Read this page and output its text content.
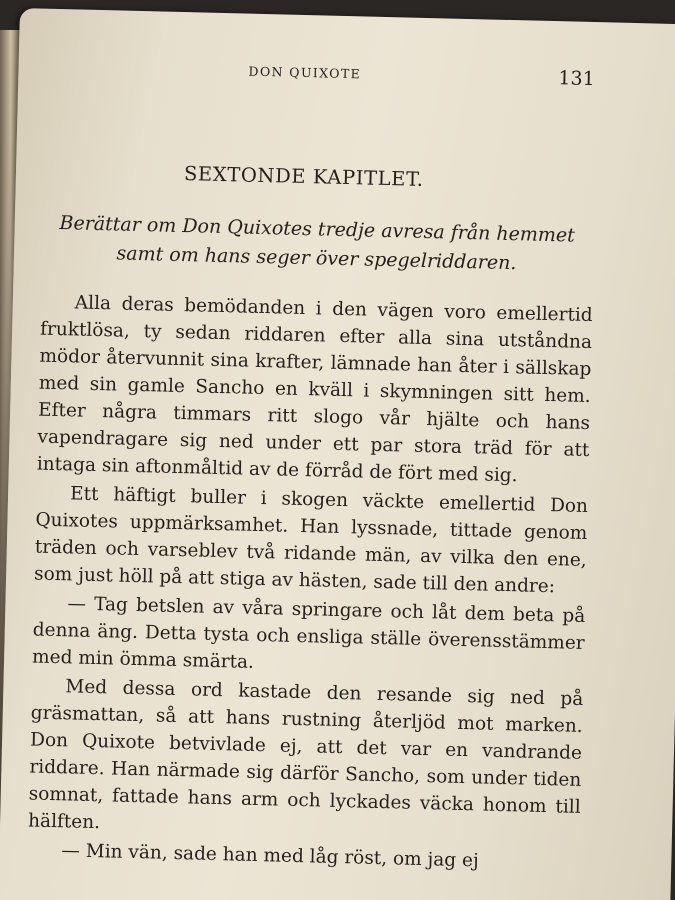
DON QUIXOTE	131
SEXTONDE KAPITLET.

Berättar om Don Quixotes tredje avresa från hemmet samt om hans seger över spegelriddaren.

Alla deras bemödanden i den vägen voro emellertid fruktlösa, ty sedan riddaren efter alla sina utståndna mödor återvunnit sina krafter, lämnade han åter i sällskap med sin gamle Sancho en kväll i skymningen sitt hem. Efter några timmars ritt slogo vår hjälte och hans vapendragare sig ned under ett par stora träd för att intaga sin aftonmåltid av de förråd de fört med sig.

Ett häftigt buller i skogen väckte emellertid Don Quixotes uppmärksamhet. Han lyssnade, tittade genom träden och varseblev två ridande män, av vilka den ene, som just höll på att stiga av hästen, sade till den andre:

— Tag betslen av våra springare och låt dem beta på denna äng. Detta tysta och ensliga ställe överensstämmer med min ömma smärta.

Med dessa ord kastade den resande sig ned på gräsmattan, så att hans rustning återljöd mot marken. Don Quixote betvivlade ej, att det var en vandrande riddare. Han närmade sig därför Sancho, som under tiden somnat, fattade hans arm och lyckades väcka honom till hälften.

— Min vän, sade han med låg röst, om jag ej
